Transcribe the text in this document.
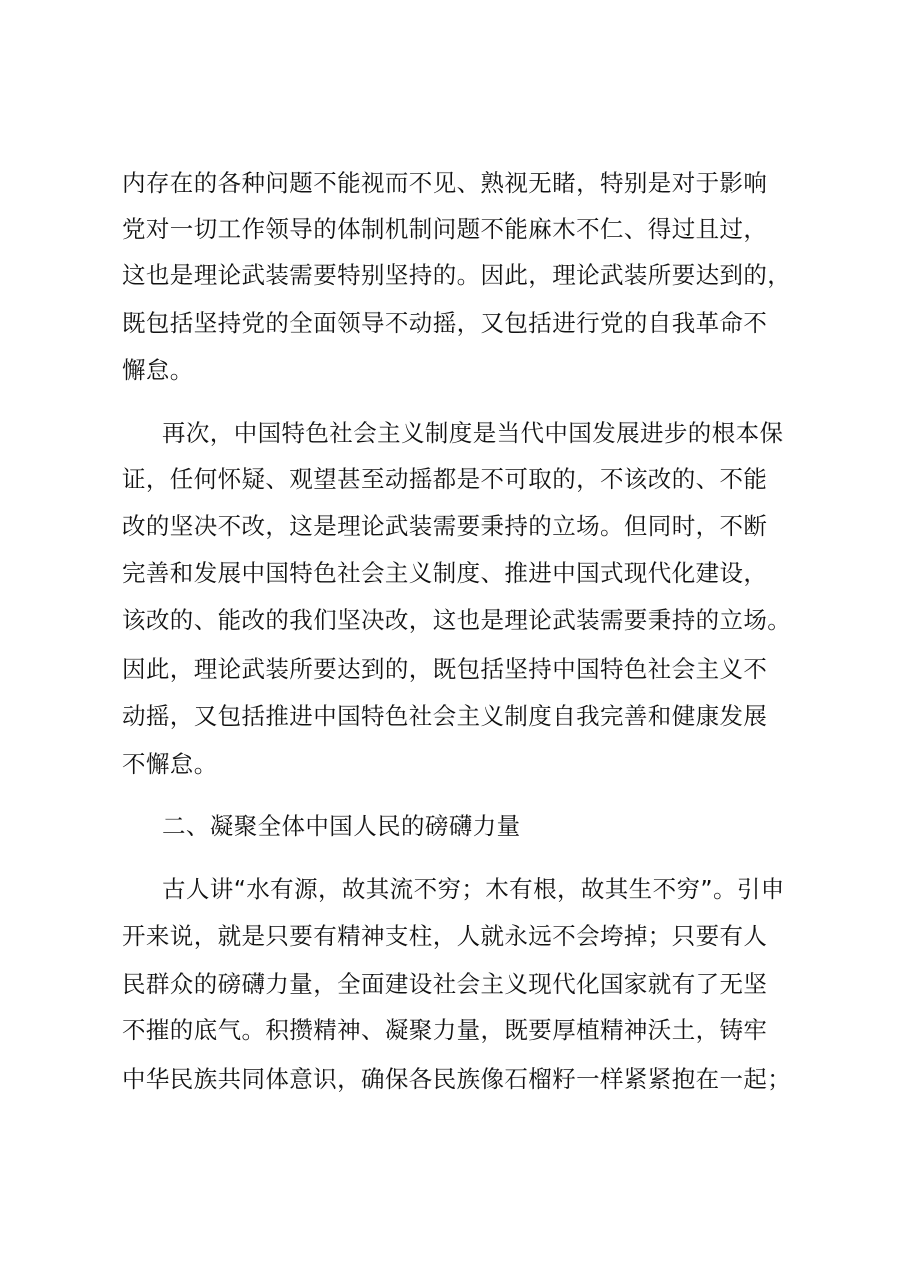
内存在的各种问题不能视而不见、熟视无睹，特别是对于影响
党对一切工作领导的体制机制问题不能麻木不仁、得过且过，
这也是理论武装需要特别坚持的。因此，理论武装所要达到的，
既包括坚持党的全面领导不动摇，又包括进行党的自我革命不
懈怠。
再次，中国特色社会主义制度是当代中国发展进步的根本保
证，任何怀疑、观望甚至动摇都是不可取的，不该改的、不能
改的坚决不改，这是理论武装需要秉持的立场。但同时，不断
完善和发展中国特色社会主义制度、推进中国式现代化建设，
该改的、能改的我们坚决改，这也是理论武装需要秉持的立场。
因此，理论武装所要达到的，既包括坚持中国特色社会主义不
动摇，又包括推进中国特色社会主义制度自我完善和健康发展
不懈怠。
二、凝聚全体中国人民的磅礴力量
古人讲“水有源，故其流不穷；木有根，故其生不穷”。引申
开来说，就是只要有精神支柱，人就永远不会垮掉；只要有人
民群众的磅礴力量，全面建设社会主义现代化国家就有了无坚
不摧的底气。积攒精神、凝聚力量，既要厚植精神沃土，铸牢
中华民族共同体意识，确保各民族像石榴籽一样紧紧抱在一起；
